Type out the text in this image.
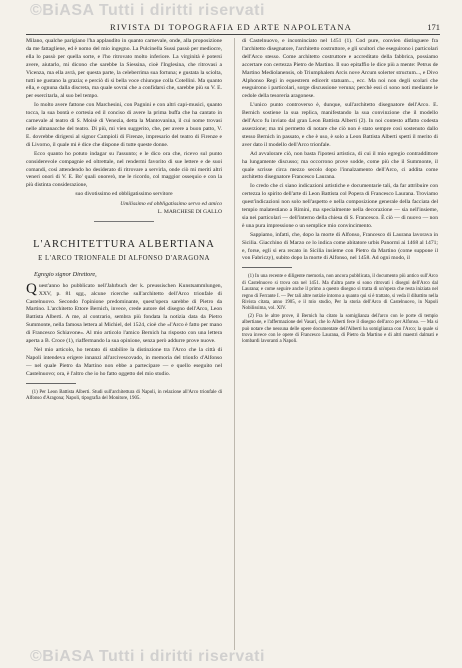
©BiASA Tutti i diritti riservati
RIVISTA DI TOPOGRAFIA ED ARTE NAPOLETANA	171

Milano, qualche parigiano l'ha applaudito in quanto carnevale, onde, alla proposizione da me fattagliene, ed è nomo del mio ingegno. La Pulcinella Sussi passò per mediocre, ella lo passò per quella sorte, e l'ho ritrovato molto inferiore. La virginità è potersi avere, aiutarlo, mi dicono che sarebbe la Siessina, cioè l'Inglesina, che ritrovasi a Vicenza, ma ella avrà, per questa parte, la celeberrima sua fortuna; e gustata la sciolta, tutti ne gustano la grazia; e perciò di sì bella voce chiunque colla Cotellini. Ma quanto ella, e ognuna dalla discreta, ma quale sovrai che a confidarsi che, sarebbe più su V. E. per esercitarla, al suo bel tempo.

Io molto avere fattone con Marchesini, con Pagnini e con altri capi-musici, quanto tocca, la sua bontà e cortesia ed il conciso di avere la prima buffa che ha cantato in carnevale al teatro di S. Moisè di Venezia, detta la Mantovanina, il cui nome trovasi nelle almanacche del teatro. Di più, mi vien suggerito, che, per avere a buon patto, V. E. dovrebbe dirigersi al signor Campioli di Firenze, impresario del teatro di Firenze e di Livorno, il quale mi è dice che dispone di tutte queste donne.

Ecco quanto ho potuto indagar su l'assunto; e le dico ora che, ricevo sul punto considerevole compagnie ed oltrettale, nel rendermi favorito di sue lettere e de suoi comandi, così attendendo ho desiderato di ritrovare a servirla, onde ciò mi meriti altri veneri onori di V. E. Bo' quali onorerò, me le ricordo, col maggior ossequio e con la più distinta considerazione,

suo divotissimo ed obbligatissimo servitore

Umilissimo ed obbligatissimo servo ed amico
L. MARCHESE DI GALLO
L'ARCHITETTURA ALBERTIANA
E L'ARCO TRIONFALE DI ALFONSO D'ARAGONA
Egregio signor Direttore,

Quest'anno ho pubblicato nell'Jahrbuch der k. preussischen Kunstsammlungen, XXV, p. 81 sgg., alcune ricerche sull'architetto dell'Arco trionfale di Castelnuovo. Secondo l'opinione predominante, quest'opera sarebbe di Pietro da Martino. L'architetto Ettore Bernich, invece, crede autore del disegno dell'Arco, Leon Battista Alberti. A me, al contrario, sembra più fondata la notizia data da Pietro Summonte, nella famosa lettera al Michiel, del 1524, cioè che «l'Arco è fatto per mano di Francesco Schiavone». Al mio articolo l'amico Bernich ha risposto con una lettera aperta a B. Croce (1), riaffermando la sua opinione, senza però addurre prove nuove.

Nel mio articolo, ho tentato di stabilire la distinzione tra l'Arco che la città di Napoli intendeva erigere innanzi all'arcivescovado, in memoria del trionfo d'Alfonso — nel quale Pietro da Martino non ebbe a partecipare — e quello eseguito nel Castelnuovo; ora, è l'altro che io ho fatto oggetto del mio studio.

(1) Per Leon Battista Alberti. Studi sull'architettura di Napoli, in relazione all'Arco trionfale di Alfonso d'Aragona; Napoli, tipografia del Monitore, 1905.

di Castelnuovo, e incominciato nel 1451 (1). Cod pure, convien distinguere fra l'architetto disegnatore, l'architetto costruttore, e gli scultori che eseguirono i particolari dell'Arco stesso. Come architetto costruttore e accreditato della fabbrica, possiamo accertare con certezza Pietro de Martino. Il suo epitaffio le dice più a mente: Petrus de Martino Mediolanensis, ob Triumphalem Arcis nove Arcum solerter structum..., e Divo Alphonso Regi in equestrem edicerit statuam..., ecc. Ma noi non degli scolari che eseguirono i particolari, sorge discussione veruna; perchè essi ci sono noti mediante le cedole della tesoreria aragonese.

L'unico punto controverso è, dunque, sull'architetto disegnatore dell'Arco. E. Bernich sostiene la sua replica, manifestando la sua convinzione che il modello dell'Arco fu inviato dal gran Leon Battista Alberti (2). In noi contesto affatto codesta asserzione; ma mi permetto di notare che ciò non è stato sempre così sostenuto dallo stesso Bernich in passato, e che è uso, è solo a Leon Battista Alberti spetti il merito di aver dato il modello dell'Arco trionfale.

Ad avvalorare ciò, non basta l'ipotesi artistica, di cui il mio egregio contraddittore ha lungamente discusso; ma occorrono prove sodde, come più che il Summonte, il quale scrisse circa mezzo secolo dopo l'innalzamento dell'Arco, ci addita come architetto disegnatore Francesco Laurana.

Io credo che ci siano indicazioni artistiche e documentarie tali, da far attribuire con certezza lo spirito dell'arte di Leon Battista col Popera di Francesco Laurana. Troviamo quest'indicazioni non solo nell'aspetto e nella composizione generale della facciata del tempio malatestiano a Rimini, ma specialmente nella decorazione — sia nell'insieme, sia nei particolari — dell'interno della chiesa di S. Francesco. È ciò — di nuovo — non è una pura impressione o un semplice mio convincimento.

Sappiamo, infatti, che, dopo la morte di Alfonso, Francesco di Laurana lavorava in Sicilia. Giacchino di Marzo ce lo indica come abitatore urbis Panormi ai 1468 al 1471; e, forse, egli si era recato in Sicilia insieme con Pietro da Martino (come suppone il von Fabriczy), subito dopo la morte di Alfonso, nel 1458. Ad ogni modo, il

(1) In una recente e diligente memoria, non ancora pubblicata, il documento più antico sull'Arco di Castelnuovo si trova ora nel 1451. Ma d'altra parte si sono ritrovati i disegni dell'Arco dal Laurana; e come seguire anche il primo a questo disegno si tratta di un'opera che resta iniziata nel regno di Ferrante I. — Per tali altre notizie intorno a quanto qui si è trattato, si veda il dibattito nella Rivista citata, anno 1905, e il mio studio, Per la storia dell'Arco di Castelnuovo, in Napoli Nobilissima, vol. XIV.

(2) Fra le altre prove, il Bernich ha citato la somiglianza dell'arco con le porte di tempio albertiane, e l'affermazione del Vasari, che lo Alberti fece il disegno dell'arco per Alfonso. — Ma si può notare che nessuna delle opere documentate dell'Alberti ha somiglianza con l'Arco; la quale si trova invece con le opere di Francesco Laurana, di Pietro da Martino e di altri maestri dalmati e lombardi lavoranti a Napoli.

©BiASA Tutti i diritti riservati
